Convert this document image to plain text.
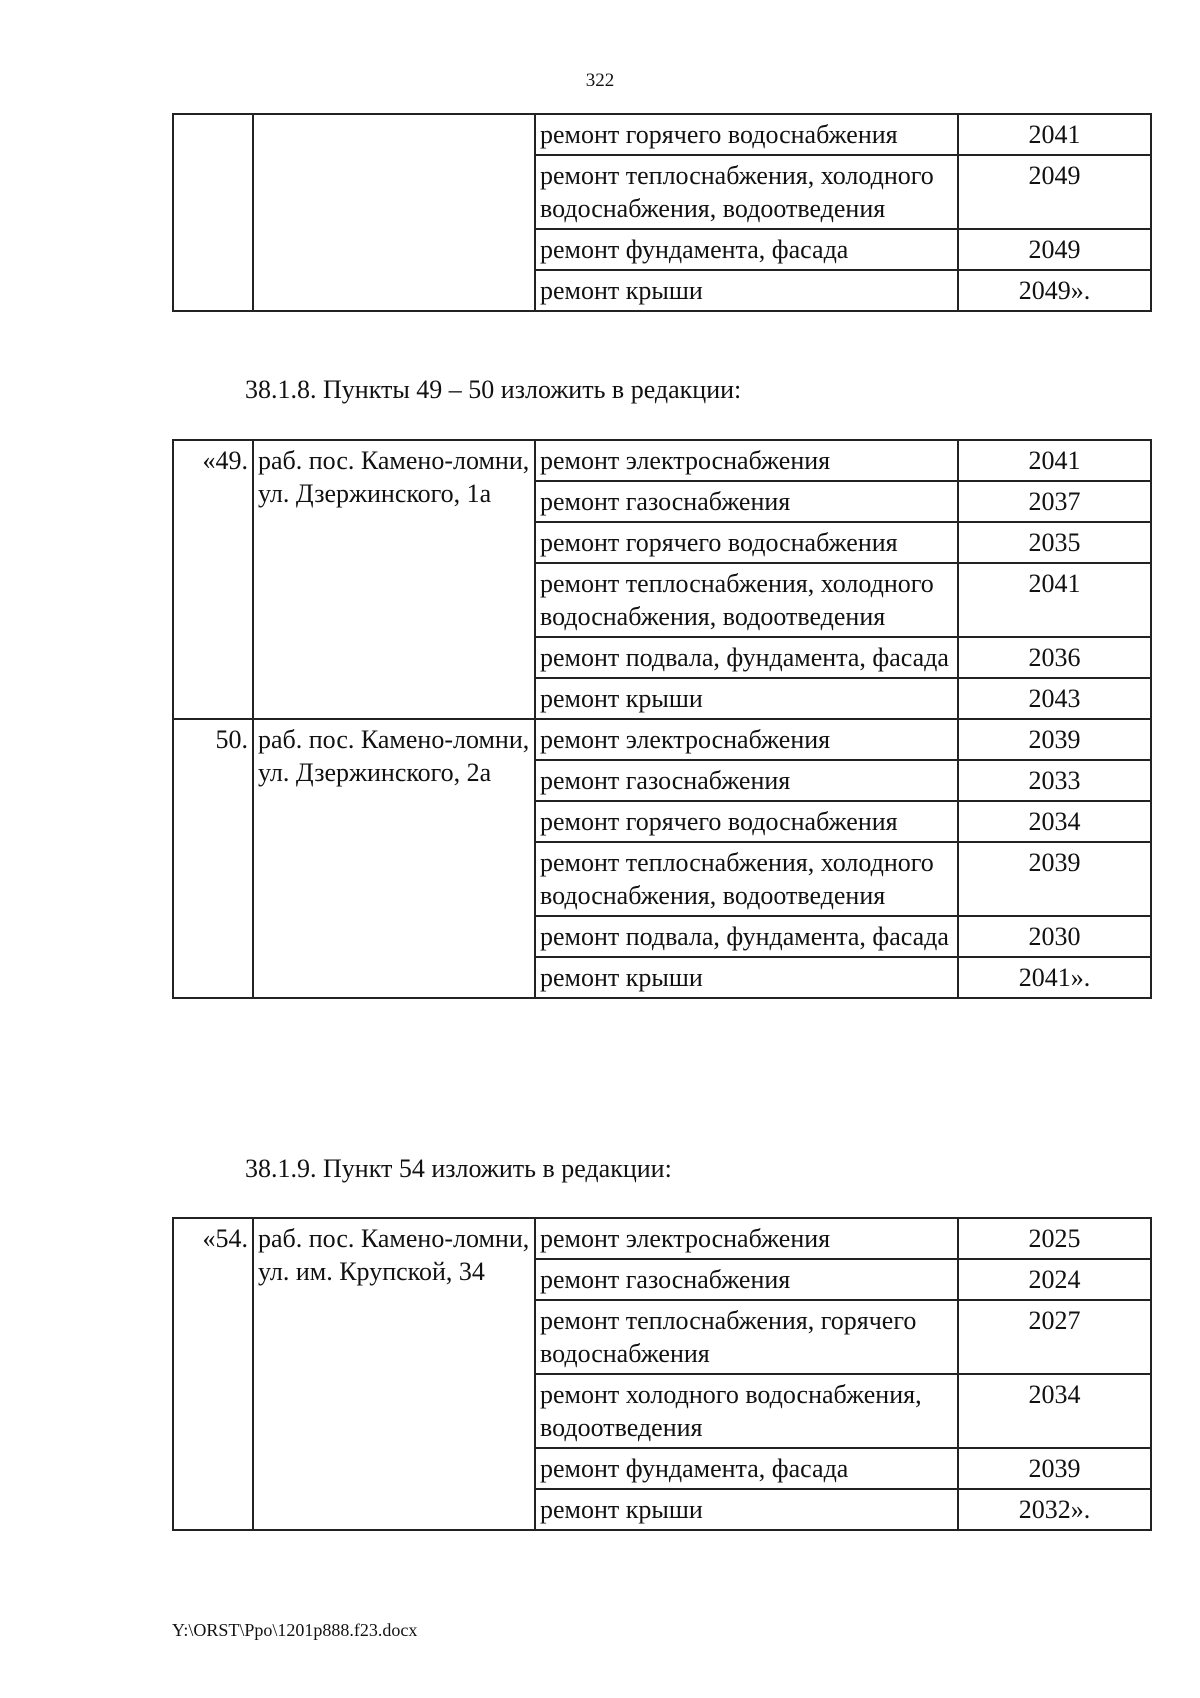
322
		ремонт горячего водоснабжения	2041
		ремонт теплоснабжения, холодного водоснабжения, водоотведения	2049
		ремонт фундамента, фасада	2049
		ремонт крыши	2049».
38.1.8. Пункты 49 – 50 изложить в редакции:
«49.	раб. пос. Камено-ломни, ул. Дзержинского, 1а	ремонт электроснабжения	2041
		ремонт газоснабжения	2037
		ремонт горячего водоснабжения	2035
		ремонт теплоснабжения, холодного водоснабжения, водоотведения	2041
		ремонт подвала, фундамента, фасада	2036
		ремонт крыши	2043
50.	раб. пос. Камено-ломни, ул. Дзержинского, 2а	ремонт электроснабжения	2039
		ремонт газоснабжения	2033
		ремонт горячего водоснабжения	2034
		ремонт теплоснабжения, холодного водоснабжения, водоотведения	2039
		ремонт подвала, фундамента, фасада	2030
		ремонт крыши	2041».
38.1.9. Пункт 54 изложить в редакции:
«54.	раб. пос. Камено-ломни, ул. им. Крупской, 34	ремонт электроснабжения	2025
		ремонт газоснабжения	2024
		ремонт теплоснабжения, горячего водоснабжения	2027
		ремонт холодного водоснабжения, водоотведения	2034
		ремонт фундамента, фасада	2039
		ремонт крыши	2032».
Y:\ORST\Ppo\1201p888.f23.docx
